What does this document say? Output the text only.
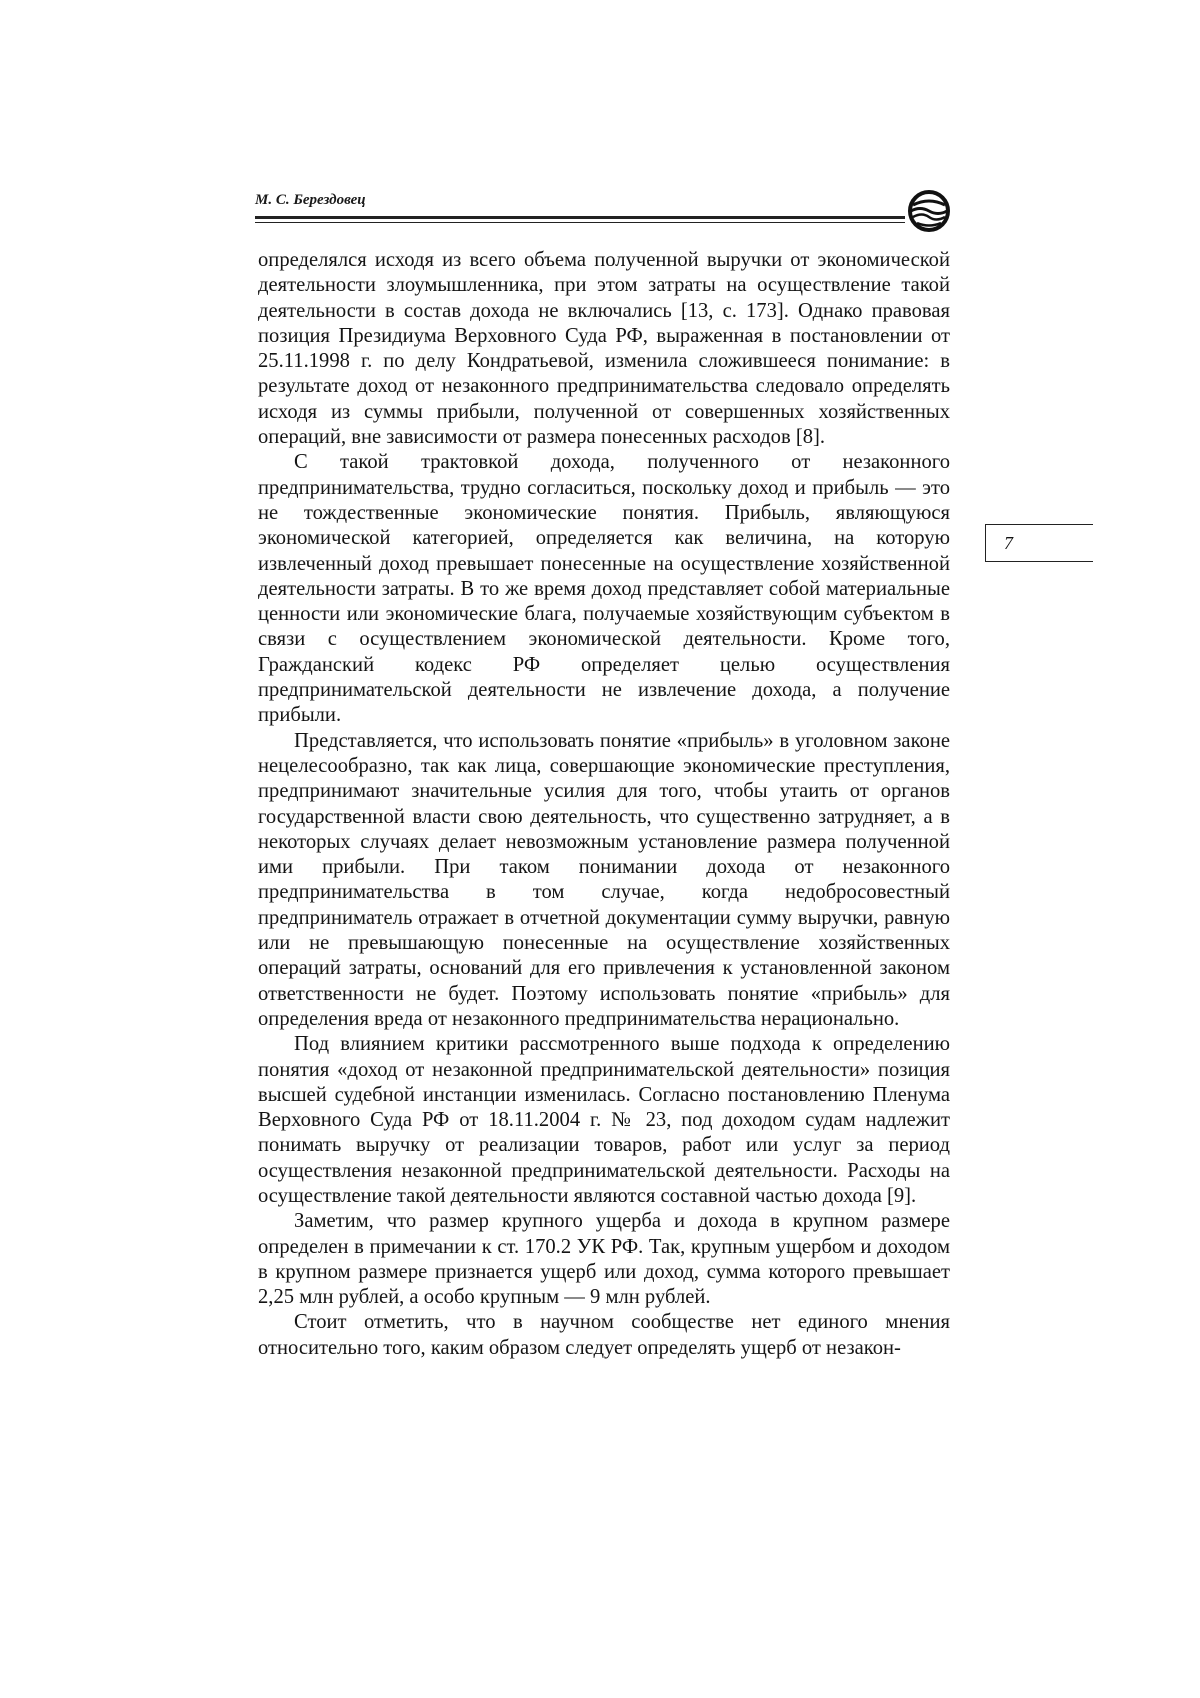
М. С. Берездовец
7

определялся исходя из всего объема полученной выручки от экономической деятельности злоумышленника, при этом затраты на осуществление такой деятельности в состав дохода не включались [13, с. 173]. Однако правовая позиция Президиума Верховного Суда РФ, выраженная в постановлении от 25.11.1998 г. по делу Кондратьевой, изменила сложившееся понимание: в результате доход от незаконного предпринимательства следовало определять исходя из суммы прибыли, полученной от совершенных хозяйственных операций, вне зависимости от размера понесенных расходов [8].

С такой трактовкой дохода, полученного от незаконного предпринимательства, трудно согласиться, поскольку доход и прибыль — это не тождественные экономические понятия. Прибыль, являющуюся экономической категорией, определяется как величина, на которую извлеченный доход превышает понесенные на осуществление хозяйственной деятельности затраты. В то же время доход представляет собой материальные ценности или экономические блага, получаемые хозяйствующим субъектом в связи с осуществлением экономической деятельности. Кроме того, Гражданский кодекс РФ определяет целью осуществления предпринимательской деятельности не извлечение дохода, а получение прибыли.

Представляется, что использовать понятие «прибыль» в уголовном законе нецелесообразно, так как лица, совершающие экономические преступления, предпринимают значительные усилия для того, чтобы утаить от органов государственной власти свою деятельность, что существенно затрудняет, а в некоторых случаях делает невозможным установление размера полученной ими прибыли. При таком понимании дохода от незаконного предпринимательства в том случае, когда недобросовестный предприниматель отражает в отчетной документации сумму выручки, равную или не превышающую понесенные на осуществление хозяйственных операций затраты, оснований для его привлечения к установленной законом ответственности не будет. Поэтому использовать понятие «прибыль» для определения вреда от незаконного предпринимательства нерационально.

Под влиянием критики рассмотренного выше подхода к определению понятия «доход от незаконной предпринимательской деятельности» позиция высшей судебной инстанции изменилась. Согласно постановлению Пленума Верховного Суда РФ от 18.11.2004 г. № 23, под доходом судам надлежит понимать выручку от реализации товаров, работ или услуг за период осуществления незаконной предпринимательской деятельности. Расходы на осуществление такой деятельности являются составной частью дохода [9].

Заметим, что размер крупного ущерба и дохода в крупном размере определен в примечании к ст. 170.2 УК РФ. Так, крупным ущербом и доходом в крупном размере признается ущерб или доход, сумма которого превышает 2,25 млн рублей, а особо крупным — 9 млн рублей.

Стоит отметить, что в научном сообществе нет единого мнения относительно того, каким образом следует определять ущерб от незакон-
